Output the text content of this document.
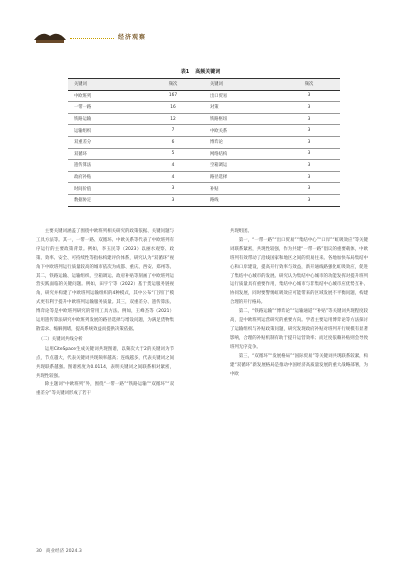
经济观察
表1 高频关键词
关键词	频次	关键词	频次
中欧班列	167	出口贸易	3
一带一路	16	对策	3
铁路运输	12	铁路枢纽	3
运输组织	7	中欧关系	3
双重差分	6	博弈论	3
双循环	5	网络结构	3
遗传算法	4	空箱调运	3
政府补贴	4	路径选择	3
时间价值	3	补贴	3
数据协定	3	路线	3

主要关键词涵盖了围绕中欧班列相关研究的政策依据、关键问题与工具方法等。其一，一带一路、双循环、中欧关系等代表了中欧班列有序运行的主要政策背景。例如，李玉民等（2023）以丽水观察、政策、效率、安全、可持续性等指标构建评价体系，研究认为“双循环”视角下中欧班列运行质量较高的城市依次为成都、重庆、西安、郑州等。其二，铁路运输、运输组织、空箱调运、政府补贴等刻画了中欧班列运营实践面临的关键问题。例如，田宇宁等（2022）基于货运服务链视角，研究并构建了中欧班列运输组织的4种模式，其中公布“门到门”模式更有利于提升中欧班列运输服务质量。其三，双重差分、遗传算法、博弈论等是中欧班列研究的常用工具方法。例如，王峰杰等（2021）运用遗传算法研究中欧班列发展的路径选择与增设问题，为满足货物集散需求、缩解拥堵，提高系统效益而提供决策依据。

（二）关键词共线分析

运用CiteSpace生成关键词共现图谱，以频次大于2的关键词为节点，节点越大，代表关键词共现频率越高；连线越多，代表关键词之间共现联系越强。图谱密度为0.0114，表明关键词之间联系相对紧密，共现性较强。

除主题词“中欧班列”外，围绕“一带一路”“铁路运输”“双循环”“双重差分”等关键词形成了若干

共现组团。

第一，“一带一路”“出口贸易”“集结中心”“口岸”“虹吸效应”等关键词联系紧密，共现性较强，作为共建“一带一路”倡议的重要载体，中欧班列有效带动了沿线国家和地区之间的贸易往来。各地加快布局集结中心和口岸建设，提高开行效率与效益，新开通线路强化虹吸效应，促进了集结中心城市的发展。研究认为集结中心城市的功能发挥对提升班列运行质量具有重要作用，集结中心城市与非集结中心城市应优势互补、协同发展，同时要警惕虹吸效应可能带来的区域发展不平衡问题，构建合理的开行格局。

第二，“铁路运输”“博弈论”“运输通道”“补贴”等关键词共现程度较高，是中欧班列运营研究的重要方向。学者主要运用博弈论等方法探讨了运输组织与补贴政策问题，研究发现政府补贴对班列开行规模有显著影响，合理的补贴机制有助于提升运营效率；而过度依赖补贴则会导致班列无序竞争。

第三，“双循环”“发展格局”“国际贸易”等关键词共现联系较紧，构建“双循环”新发展格局是推动中国经济高质量发展的重大战略部署，为中欧

30 商业经济 2024.3
